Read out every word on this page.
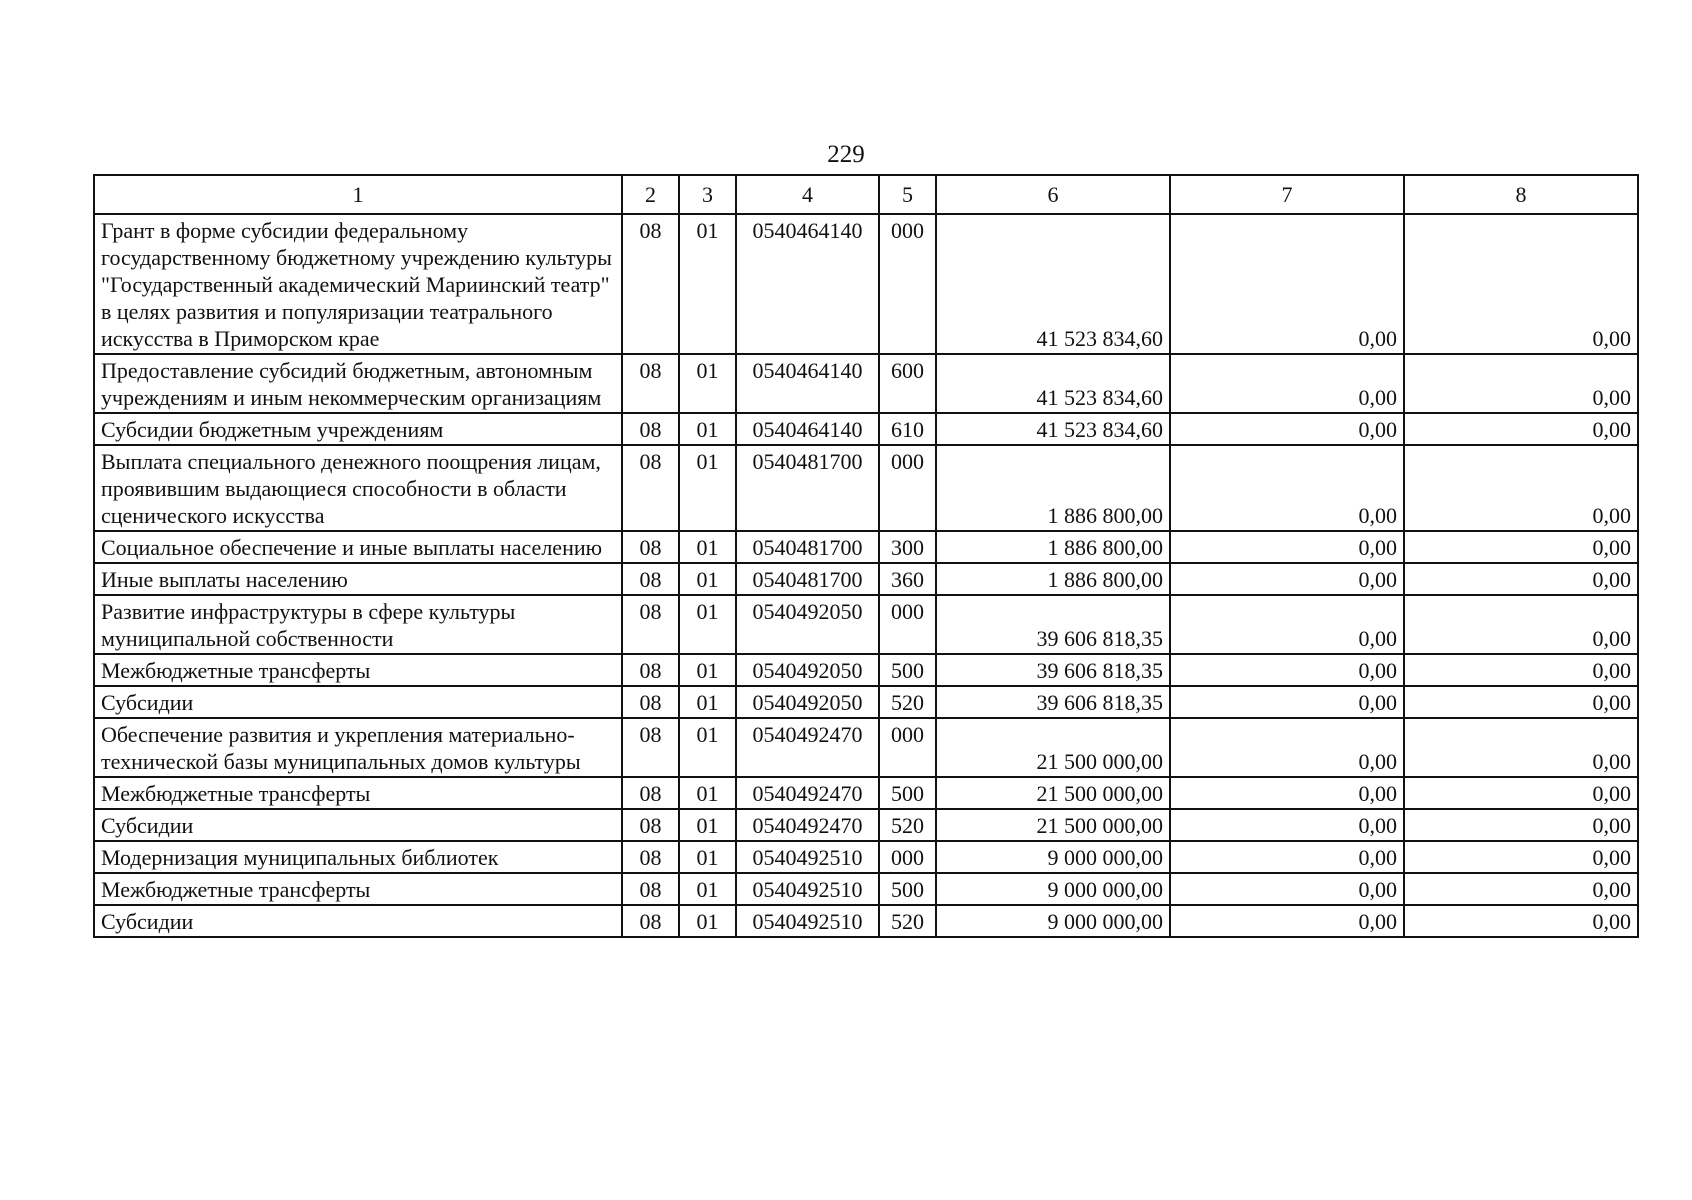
229
1	2	3	4	5	6	7	8
Грант в форме субсидии федеральному государственному бюджетному учреждению культуры "Государственный академический Мариинский театр" в целях развития и популяризации театрального искусства в Приморском крае	08	01	0540464140	000	41 523 834,60	0,00	0,00
Предоставление субсидий бюджетным, автономным учреждениям и иным некоммерческим организациям	08	01	0540464140	600	41 523 834,60	0,00	0,00
Субсидии бюджетным учреждениям	08	01	0540464140	610	41 523 834,60	0,00	0,00
Выплата специального денежного поощрения лицам, проявившим выдающиеся способности в области сценического искусства	08	01	0540481700	000	1 886 800,00	0,00	0,00
Социальное обеспечение и иные выплаты населению	08	01	0540481700	300	1 886 800,00	0,00	0,00
Иные выплаты населению	08	01	0540481700	360	1 886 800,00	0,00	0,00
Развитие инфраструктуры в сфере культуры муниципальной собственности	08	01	0540492050	000	39 606 818,35	0,00	0,00
Межбюджетные трансферты	08	01	0540492050	500	39 606 818,35	0,00	0,00
Субсидии	08	01	0540492050	520	39 606 818,35	0,00	0,00
Обеспечение развития и укрепления материально-технической базы муниципальных домов культуры	08	01	0540492470	000	21 500 000,00	0,00	0,00
Межбюджетные трансферты	08	01	0540492470	500	21 500 000,00	0,00	0,00
Субсидии	08	01	0540492470	520	21 500 000,00	0,00	0,00
Модернизация муниципальных библиотек	08	01	0540492510	000	9 000 000,00	0,00	0,00
Межбюджетные трансферты	08	01	0540492510	500	9 000 000,00	0,00	0,00
Субсидии	08	01	0540492510	520	9 000 000,00	0,00	0,00
